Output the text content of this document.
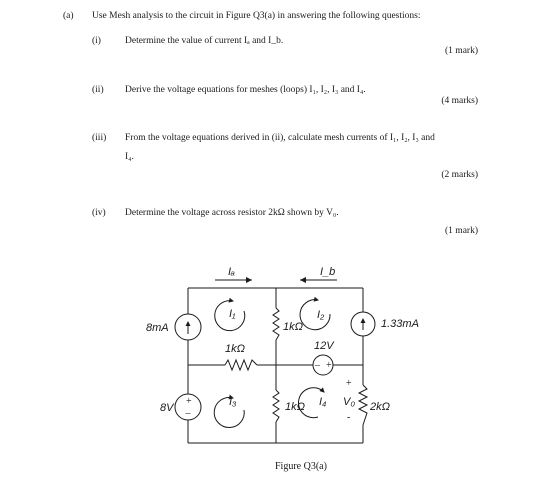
(a) Use Mesh analysis to the circuit in Figure Q3(a) in answering the following questions:
(i)	Determine the value of current Iₐ and I_b.
(1 mark)
(ii) Derive the voltage equations for meshes (loops) I₁, I₂, I₃ and I₄.
(4 marks)
(iii) From the voltage equations derived in (ii), calculate mesh currents of I₁, I₂, I₃ and
I₄.
(2 marks)
(iv) Determine the voltage across resistor 2kΩ shown by V₀.
(1 mark)
+
–
– +
Iₐ	I_b
I₁	I₂
I₃	I₄
8mA	1.33mA
8V
12V
1kΩ
1kΩ
1kΩ	2kΩ
V₀
+
-
Figure Q3(a)
